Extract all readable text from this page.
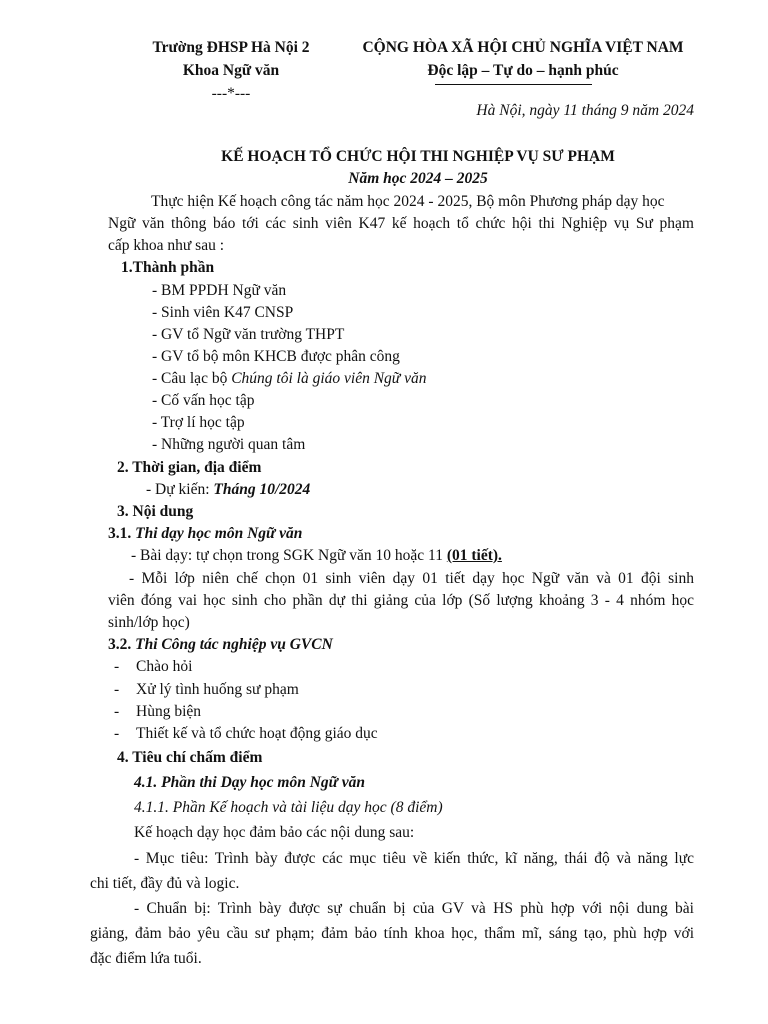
Trường ĐHSP Hà Nội 2
Khoa Ngữ văn
---*---
CỘNG HÒA XÃ HỘI CHỦ NGHĨA VIỆT NAM
Độc lập – Tự do – hạnh phúc
Hà Nội, ngày 11 tháng 9 năm 2024
KẾ HOẠCH TỔ CHỨC HỘI THI NGHIỆP VỤ SƯ PHẠM
Năm học 2024 – 2025
Thực hiện Kế hoạch công tác năm học 2024 - 2025, Bộ môn Phương pháp dạy học
Ngữ văn thông báo tới các sinh viên K47 kế hoạch tổ chức hội thi Nghiệp vụ Sư phạm
cấp khoa như sau :
1.Thành phần
- BM PPDH Ngữ văn
- Sinh viên K47 CNSP
- GV tổ Ngữ văn trường THPT
- GV tổ bộ môn KHCB được phân công
- Câu lạc bộ Chúng tôi là giáo viên Ngữ văn
- Cố vấn học tập
- Trợ lí học tập
- Những người quan tâm
2. Thời gian, địa điểm
- Dự kiến: Tháng 10/2024
3. Nội dung
3.1. Thi dạy học môn Ngữ văn
- Bài dạy: tự chọn trong SGK Ngữ văn 10 hoặc 11 (01 tiết).
- Mỗi lớp niên chế chọn 01 sinh viên dạy 01 tiết dạy học Ngữ văn và 01 đội sinh
viên đóng vai học sinh cho phần dự thi giảng của lớp (Số lượng khoảng 3 - 4 nhóm học
sinh/lớp học)
3.2. Thi Công tác nghiệp vụ GVCN
- Chào hỏi
- Xử lý tình huống sư phạm
- Hùng biện
- Thiết kế và tổ chức hoạt động giáo dục
4. Tiêu chí chấm điểm
4.1. Phần thi Dạy học môn Ngữ văn
4.1.1. Phần Kế hoạch và tài liệu dạy học (8 điểm)
Kế hoạch dạy học đảm bảo các nội dung sau:
- Mục tiêu: Trình bày được các mục tiêu về kiến thức, kĩ năng, thái độ và năng lực
chi tiết, đầy đủ và logic.
- Chuẩn bị: Trình bày được sự chuẩn bị của GV và HS phù hợp với nội dung bài
giảng, đảm bảo yêu cầu sư phạm; đảm bảo tính khoa học, thẩm mĩ, sáng tạo, phù hợp với
đặc điểm lứa tuổi.
